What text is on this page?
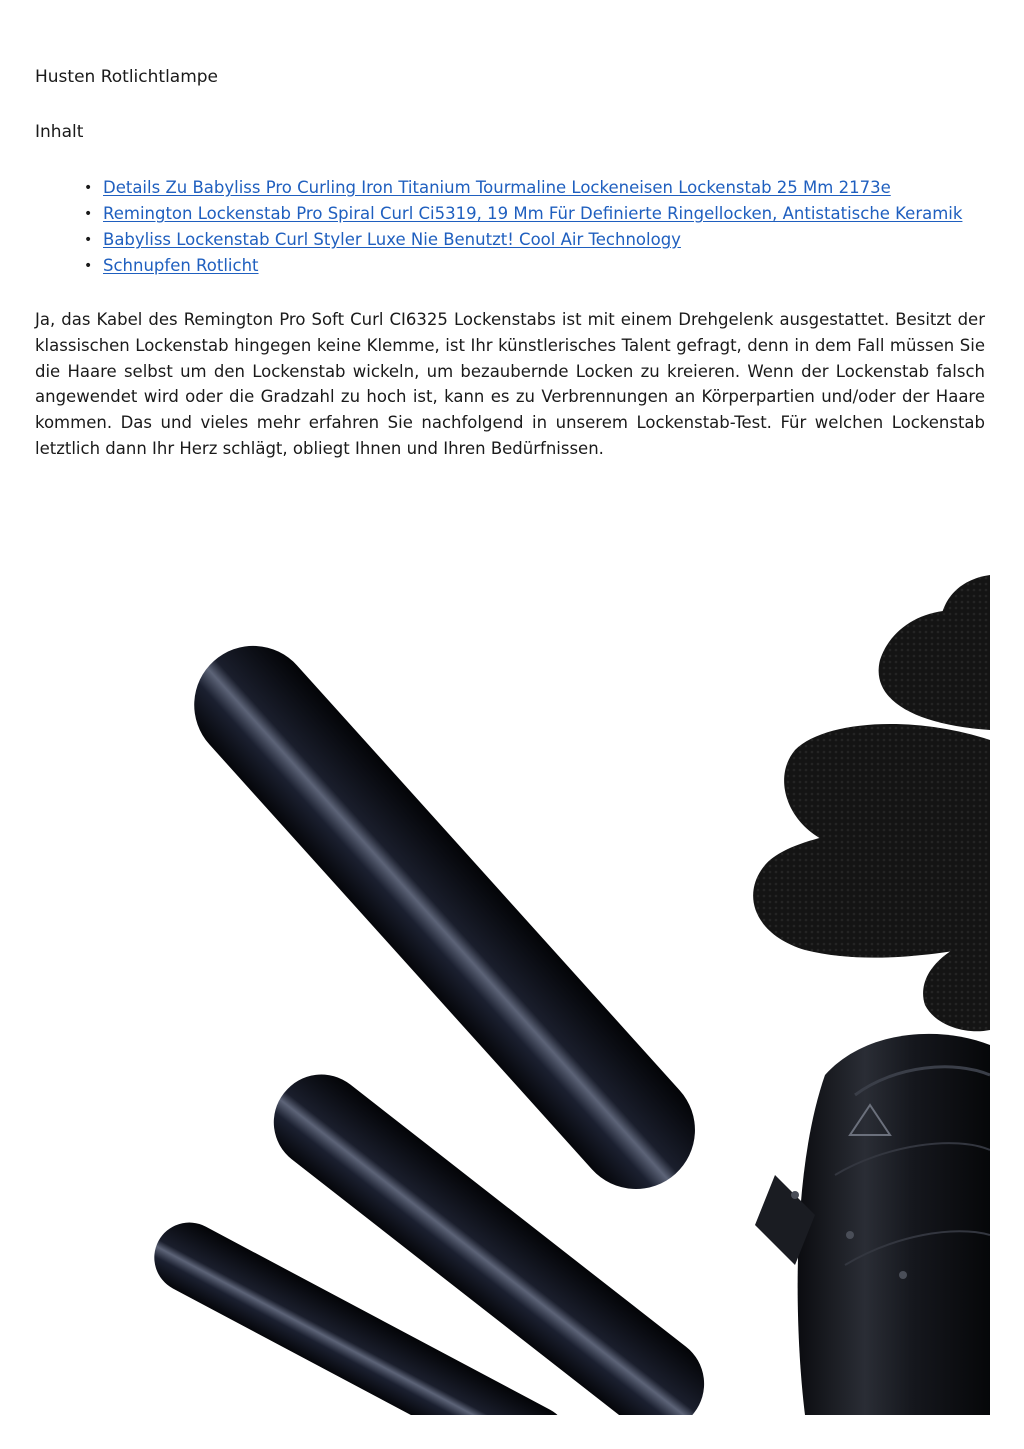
Husten Rotlichtlampe

Inhalt

• Details Zu Babyliss Pro Curling Iron Titanium Tourmaline Lockeneisen Lockenstab 25 Mm 2173e
• Remington Lockenstab Pro Spiral Curl Ci5319, 19 Mm Für Definierte Ringellocken, Antistatische Keramik
• Babyliss Lockenstab Curl Styler Luxe Nie Benutzt! Cool Air Technology
• Schnupfen Rotlicht

Ja, das Kabel des Remington Pro Soft Curl CI6325 Lockenstabs ist mit einem Drehgelenk ausgestattet. Besitzt der klassischen Lockenstab hingegen keine Klemme, ist Ihr künstlerisches Talent gefragt, denn in dem Fall müssen Sie die Haare selbst um den Lockenstab wickeln, um bezaubernde Locken zu kreieren. Wenn der Lockenstab falsch angewendet wird oder die Gradzahl zu hoch ist, kann es zu Verbrennungen an Körperpartien und/oder der Haare kommen. Das und vieles mehr erfahren Sie nachfolgend in unserem Lockenstab-Test. Für welchen Lockenstab letztlich dann Ihr Herz schlägt, obliegt Ihnen und Ihren Bedürfnissen.
